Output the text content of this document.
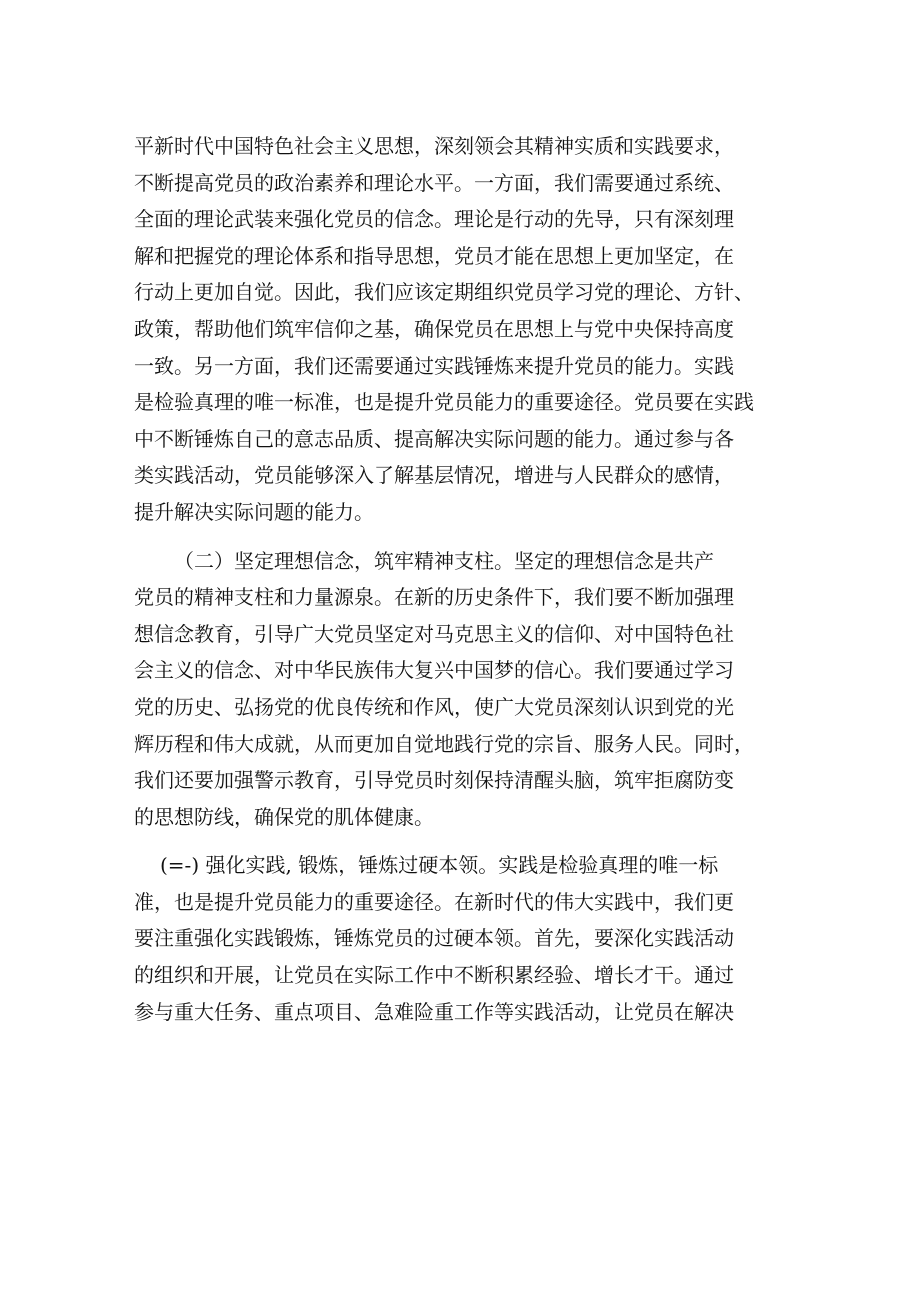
平新时代中国特色社会主义思想，深刻领会其精神实质和实践要求，
不断提高党员的政治素养和理论水平。一方面，我们需要通过系统、
全面的理论武装来强化党员的信念。理论是行动的先导，只有深刻理
解和把握党的理论体系和指导思想，党员才能在思想上更加坚定，在
行动上更加自觉。因此，我们应该定期组织党员学习党的理论、方针、
政策，帮助他们筑牢信仰之基，确保党员在思想上与党中央保持高度
一致。另一方面，我们还需要通过实践锤炼来提升党员的能力。实践
是检验真理的唯一标准，也是提升党员能力的重要途径。党员要在实践
中不断锤炼自己的意志品质、提高解决实际问题的能力。通过参与各
类实践活动，党员能够深入了解基层情况，增进与人民群众的感情，
提升解决实际问题的能力。
（二）坚定理想信念，筑牢精神支柱。坚定的理想信念是共产
党员的精神支柱和力量源泉。在新的历史条件下，我们要不断加强理
想信念教育，引导广大党员坚定对马克思主义的信仰、对中国特色社
会主义的信念、对中华民族伟大复兴中国梦的信心。我们要通过学习
党的历史、弘扬党的优良传统和作风，使广大党员深刻认识到党的光
辉历程和伟大成就，从而更加自觉地践行党的宗旨、服务人民。同时，
我们还要加强警示教育，引导党员时刻保持清醒头脑，筑牢拒腐防变
的思想防线，确保党的肌体健康。
(=-) 强化实践, 锻炼，锤炼过硬本领。实践是检验真理的唯一标
准，也是提升党员能力的重要途径。在新时代的伟大实践中，我们更
要注重强化实践锻炼，锤炼党员的过硬本领。首先，要深化实践活动
的组织和开展，让党员在实际工作中不断积累经验、增长才干。通过
参与重大任务、重点项目、急难险重工作等实践活动，让党员在解决
